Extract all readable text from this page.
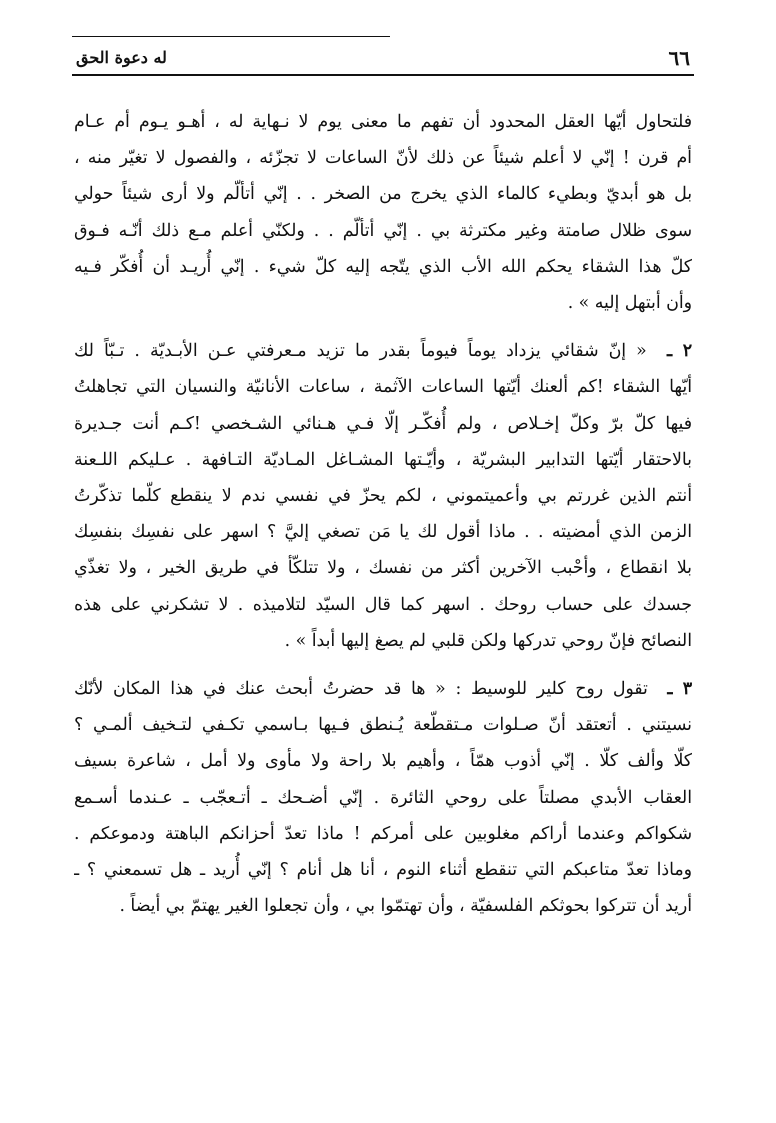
٦٦
له دعوة الحق
فلتحاول أيّها العقل المحدود أن تفهم ما معنى يوم لا نـهاية له ، أهـو يـوم أم عـام
أم قرن ! إنّي لا أعلم شيئاً عن ذلك لأنّ الساعات لا تجزّئه ، والفصول لا تغيّر منه ،
بل هو أبديّ وبطيء كالماء الذي يخرج من الصخر . . إنّي أتألّم ولا أرى شيئاً حولي
سوى ظلال صامتة وغير مكترثة بي . إنّي أتألّم . . ولكنّي أعلم مـع ذلك أنّـه فـوق
كلّ هذا الشقاء يحكم الله الأب الذي يتّجه إليه كلّ شيء . إنّي أُريـد أن أُفكّر فـيه
وأن أبتهل إليه » .
٢ ـ  « إنّ شقائي يزداد يوماً فيوماً بقدر ما تزيد مـعرفتي عـن الأبـديّة . تـبّاً لك
أيّها الشقاء !كم ألعنك أيّتها الساعات الآثمة ، ساعات الأنانيّة والنسيان التي تجاهلتُ
فيها كلّ برّ وكلّ إخـلاص ، ولم أُفكّـر إلّا فـي هـنائي الشـخصي !كـم أنت جـديرة
بالاحتقار أيّتها التدابير البشريّة ، وأيّـتها المشـاغل المـاديّة التـافهة . عـليكم اللـعنة
أنتم الذين غررتم بي وأعميتموني ، لكم يحزّ في نفسي ندم لا ينقطع كلّما تذكّرتُ
الزمن الذي أمضيته . . ماذا أقول لك يا مَن تصغي إليَّ ؟ اسهر على نفسِك بنفسِك
بلا انقطاع ، وأحْبب الآخرين أكثر من نفسك ، ولا تتلكّأ في طريق الخير ، ولا تغذّي
جسدك على حساب روحك . اسهر كما قال السيّد لتلاميذه . لا تشكرني على هذه
النصائح فإنّ روحي تدركها ولكن قلبي لم يصغ إليها أبداً » .
٣ ـ  تقول روح كلير للوسيط : « ها قد حضرتُ أبحث عنك في هذا المكان لأنّك
نسيتني . أتعتقد أنّ صـلوات مـتقطّعة يُـنطق فـيها بـاسمي تكـفي لتـخيف ألمـي ؟
كلّا وألف كلّا . إنّي أذوب همّاً ، وأهيم بلا راحة ولا مأوى ولا أمل ، شاعرة بسيف
العقاب الأبدي مصلتاً على روحي الثائرة . إنّي أضـحك ـ أتـعجّب ـ عـندما أسـمع
شكواكم وعندما أراكم مغلوبين على أمركم ! ماذا تعدّ أحزانكم الباهتة ودموعكم .
وماذا تعدّ متاعبكم التي تنقطع أثناء النوم ، أنا هل أنام ؟ إنّي أُريد ـ هل تسمعني ؟ ـ
أريد أن تتركوا بحوثكم الفلسفيّة ، وأن تهتمّوا بي ، وأن تجعلوا الغير يهتمّ بي أيضاً .
